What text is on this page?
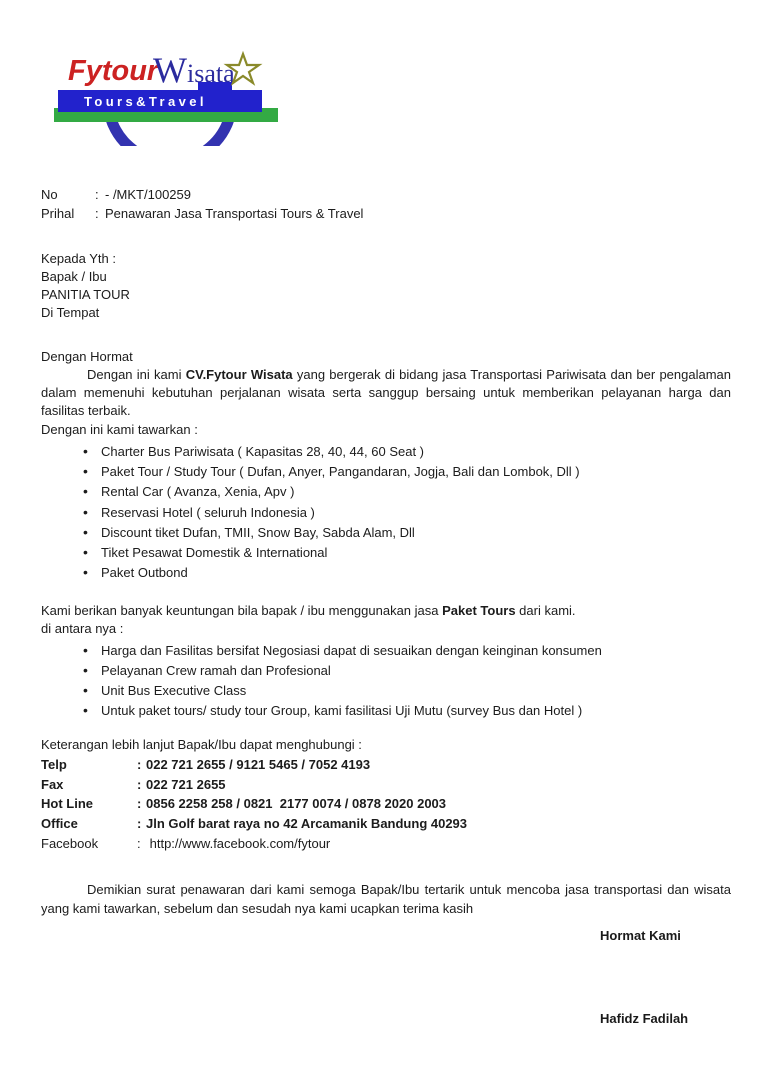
Fytour
W isata
Tours&Travel
No	:	- /MKT/100259
Prihal	:	Penawaran Jasa Transportasi Tours & Travel
Kepada Yth :
Bapak / Ibu
PANITIA TOUR
Di Tempat

Dengan Hormat

Dengan ini kami CV.Fytour Wisata yang bergerak di bidang jasa Transportasi Pariwisata dan ber pengalaman dalam memenuhi kebutuhan perjalanan wisata serta sanggup bersaing untuk memberikan pelayanan harga dan fasilitas terbaik.

Dengan ini kami tawarkan :

• Charter Bus Pariwisata ( Kapasitas 28, 40, 44, 60 Seat )
• Paket Tour / Study Tour ( Dufan, Anyer, Pangandaran, Jogja, Bali dan Lombok, Dll )
• Rental Car ( Avanza, Xenia, Apv )
• Reservasi Hotel ( seluruh Indonesia )
• Discount tiket Dufan, TMII, Snow Bay, Sabda Alam, Dll
• Tiket Pesawat Domestik & International
• Paket Outbond

Kami berikan banyak keuntungan bila bapak / ibu menggunakan jasa Paket Tours dari kami.

di antara nya :

• Harga dan Fasilitas bersifat Negosiasi dapat di sesuaikan dengan keinginan konsumen
• Pelayanan Crew ramah dan Profesional
• Unit Bus Executive Class
• Untuk paket tours/ study tour Group, kami fasilitasi Uji Mutu (survey Bus dan Hotel )

Keterangan lebih lanjut Bapak/Ibu dapat menghubungi :

Telp	:	022 721 2655 / 9121 5465 / 7052 4193
Fax	:	022 721 2655
Hot Line	:	0856 2258 258 / 0821  2177 0074 / 0878 2020 2003
Office	:	Jln Golf barat raya no 42 Arcamanik Bandung 40293
Facebook	:	http://www.facebook.com/fytour

Demikian surat penawaran dari kami semoga Bapak/Ibu tertarik untuk mencoba jasa transportasi dan wisata yang kami tawarkan, sebelum dan sesudah nya kami ucapkan terima kasih

Hormat Kami
Hafidz Fadilah
